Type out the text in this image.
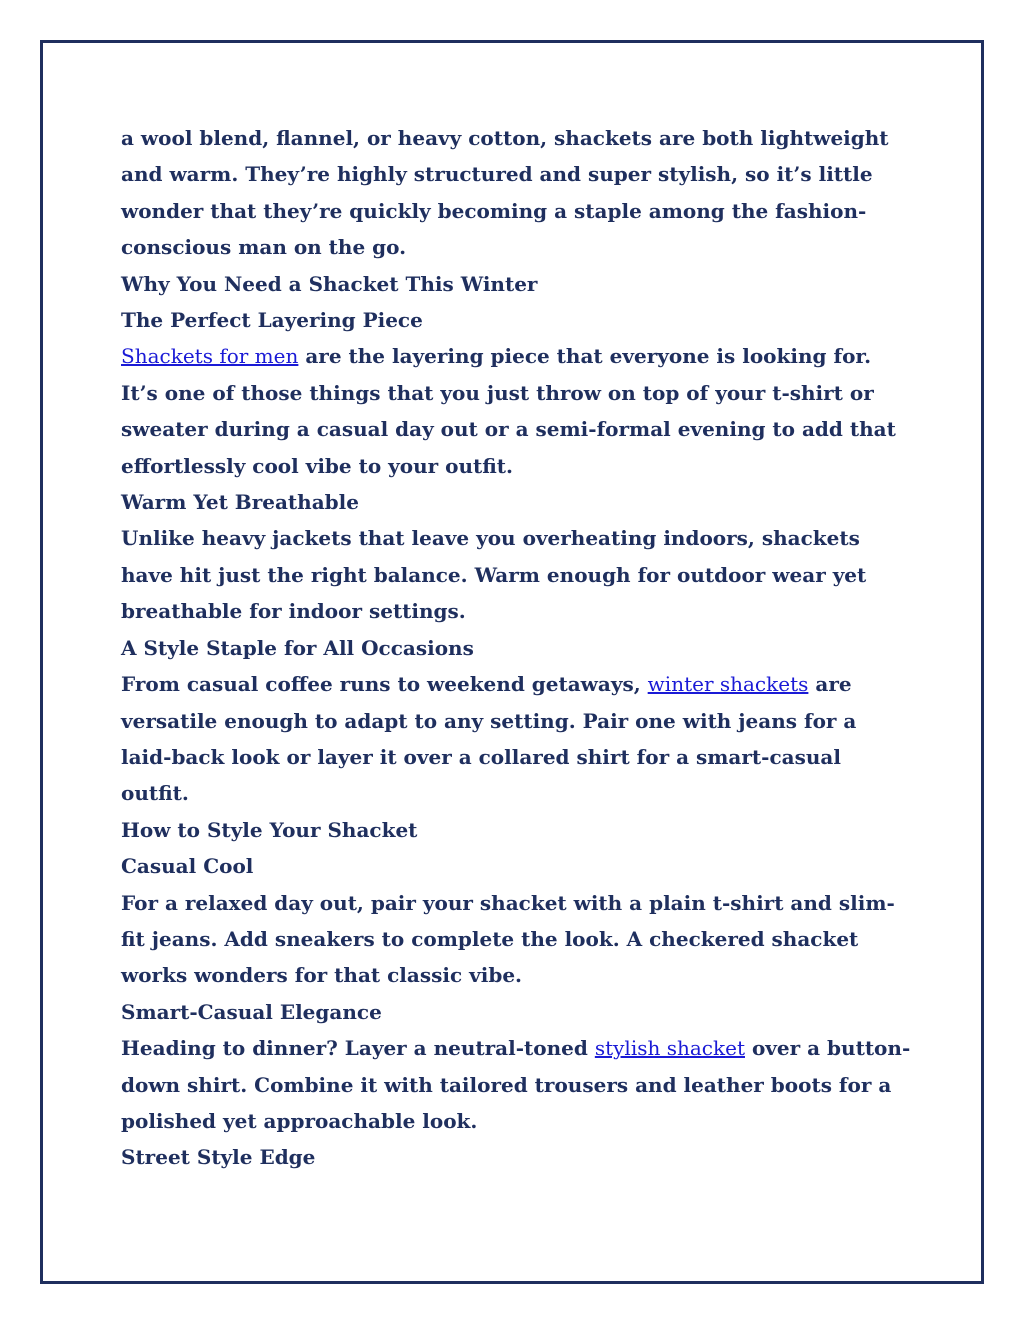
a wool blend, flannel, or heavy cotton, shackets are both lightweight and warm. They’re highly structured and super stylish, so it’s little wonder that they’re quickly becoming a staple among the fashion-conscious man on the go.

Why You Need a Shacket This Winter

The Perfect Layering Piece

Shackets for men are the layering piece that everyone is looking for. It’s one of those things that you just throw on top of your t-shirt or sweater during a casual day out or a semi-formal evening to add that effortlessly cool vibe to your outfit.

Warm Yet Breathable

Unlike heavy jackets that leave you overheating indoors, shackets have hit just the right balance. Warm enough for outdoor wear yet breathable for indoor settings.

A Style Staple for All Occasions

From casual coffee runs to weekend getaways, winter shackets are versatile enough to adapt to any setting. Pair one with jeans for a laid-back look or layer it over a collared shirt for a smart-casual outfit.

How to Style Your Shacket

Casual Cool

For a relaxed day out, pair your shacket with a plain t-shirt and slim-fit jeans. Add sneakers to complete the look. A checkered shacket works wonders for that classic vibe.

Smart-Casual Elegance

Heading to dinner? Layer a neutral-toned stylish shacket over a button-down shirt. Combine it with tailored trousers and leather boots for a polished yet approachable look.

Street Style Edge
